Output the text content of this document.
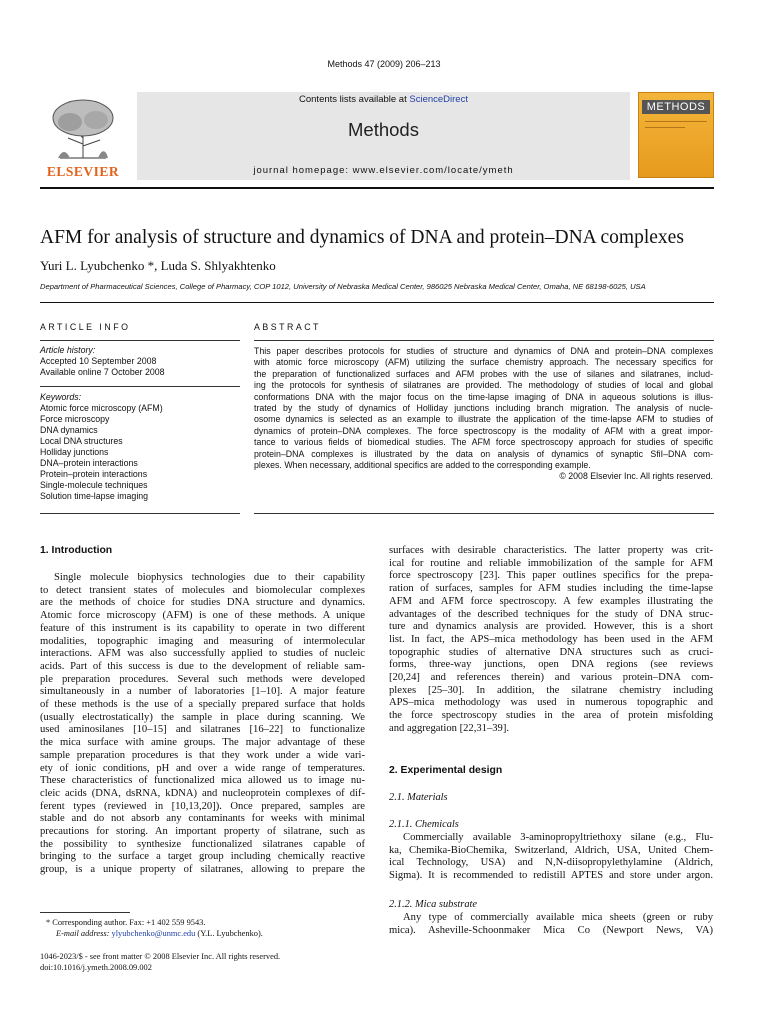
Methods 47 (2009) 206–213
ELSEVIER
Contents lists available at ScienceDirect
Methods
journal homepage: www.elsevier.com/locate/ymeth
METHODS
AFM for analysis of structure and dynamics of DNA and protein–DNA complexes
Yuri L. Lyubchenko *, Luda S. Shlyakhtenko
Department of Pharmaceutical Sciences, College of Pharmacy, COP 1012, University of Nebraska Medical Center, 986025 Nebraska Medical Center, Omaha, NE 68198-6025, USA
ARTICLE INFO
Article history:
Accepted 10 September 2008
Available online 7 October 2008
Keywords:
Atomic force microscopy (AFM)
Force microscopy
DNA dynamics
Local DNA structures
Holliday junctions
DNA–protein interactions
Protein–protein interactions
Single-molecule techniques
Solution time-lapse imaging
ABSTRACT
This paper describes protocols for studies of structure and dynamics of DNA and protein–DNA complexes
with atomic force microscopy (AFM) utilizing the surface chemistry approach. The necessary specifics for
the preparation of functionalized surfaces and AFM probes with the use of silanes and silatranes, includ-
ing the protocols for synthesis of silatranes are provided. The methodology of studies of local and global
conformations DNA with the major focus on the time-lapse imaging of DNA in aqueous solutions is illus-
trated by the study of dynamics of Holliday junctions including branch migration. The analysis of nucle-
osome dynamics is selected as an example to illustrate the application of the time-lapse AFM to studies of
dynamics of protein–DNA complexes. The force spectroscopy is the modality of AFM with a great impor-
tance to various fields of biomedical studies. The AFM force spectroscopy approach for studies of specific
protein–DNA complexes is illustrated by the data on analysis of dynamics of synaptic SfiI–DNA com-
plexes. When necessary, additional specifics are added to the corresponding example.
© 2008 Elsevier Inc. All rights reserved.
1. Introduction
Single molecule biophysics technologies due to their capability
to detect transient states of molecules and biomolecular complexes
are the methods of choice for studies DNA structure and dynamics.
Atomic force microscopy (AFM) is one of these methods. A unique
feature of this instrument is its capability to operate in two different
modalities, topographic imaging and measuring of intermolecular
interactions. AFM was also successfully applied to studies of nucleic
acids. Part of this success is due to the development of reliable sam-
ple preparation procedures. Several such methods were developed
simultaneously in a number of laboratories [1–10]. A major feature
of these methods is the use of a specially prepared surface that holds
(usually electrostatically) the sample in place during scanning. We
used aminosilanes [10–15] and silatranes [16–22] to functionalize
the mica surface with amine groups. The major advantage of these
sample preparation procedures is that they work under a wide vari-
ety of ionic conditions, pH and over a wide range of temperatures.
These characteristics of functionalized mica allowed us to image nu-
cleic acids (DNA, dsRNA, kDNA) and nucleoprotein complexes of dif-
ferent types (reviewed in [10,13,20]). Once prepared, samples are
stable and do not absorb any contaminants for weeks with minimal
precautions for storing. An important property of silatrane, such as
the possibility to synthesize functionalized silatranes capable of
bringing to the surface a target group including chemically reactive
group, is a unique property of silatranes, allowing to prepare the
* Corresponding author. Fax: +1 402 559 9543.
E-mail address: ylyubchenko@unmc.edu (Y.L. Lyubchenko).
1046-2023/$ - see front matter © 2008 Elsevier Inc. All rights reserved.
doi:10.1016/j.ymeth.2008.09.002
surfaces with desirable characteristics. The latter property was crit-
ical for routine and reliable immobilization of the sample for AFM
force spectroscopy [23]. This paper outlines specifics for the prepa-
ration of surfaces, samples for AFM studies including the time-lapse
AFM and AFM force spectroscopy. A few examples illustrating the
advantages of the described techniques for the study of DNA struc-
ture and dynamics analysis are provided. However, this is a short
list. In fact, the APS–mica methodology has been used in the AFM
topographic studies of alternative DNA structures such as cruci-
forms, three-way junctions, open DNA regions (see reviews
[20,24] and references therein) and various protein–DNA com-
plexes [25–30]. In addition, the silatrane chemistry including
APS–mica methodology was used in numerous topographic and
the force spectroscopy studies in the area of protein misfolding
and aggregation [22,31–39].
2. Experimental design
2.1. Materials
2.1.1. Chemicals
Commercially available 3-aminopropyltriethoxy silane (e.g., Flu-
ka, Chemika-BioChemika, Switzerland, Aldrich, USA, United Chem-
ical Technology, USA) and N,N-diisopropylethylamine (Aldrich,
Sigma). It is recommended to redistill APTES and store under argon.
2.1.2. Mica substrate
Any type of commercially available mica sheets (green or ruby
mica). Asheville-Schoonmaker Mica Co (Newport News, VA)
